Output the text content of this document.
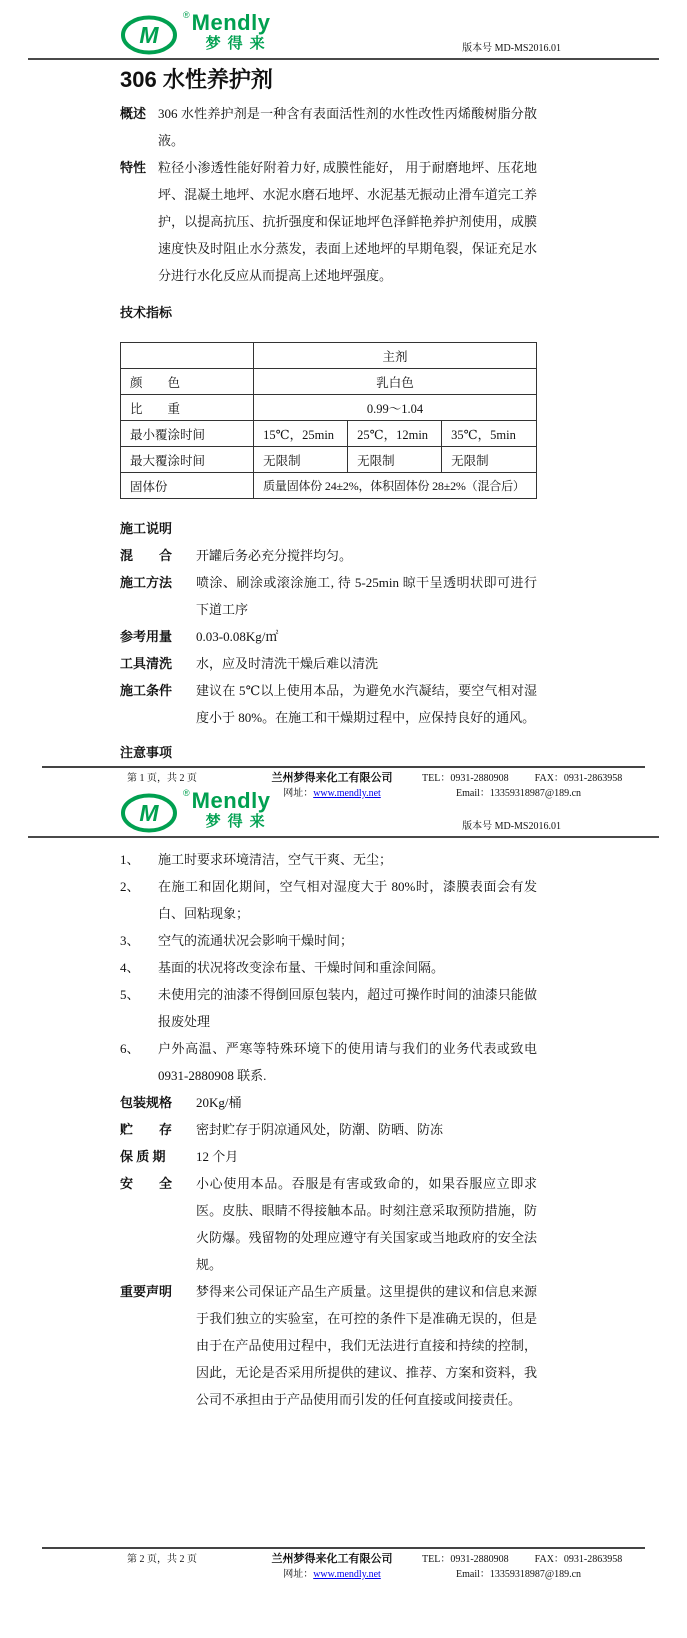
M
® Mendly
梦得来	版本号 MD-MS2016.01
306 水性养护剂
概述 306 水性养护剂是一种含有表面活性剂的水性改性丙烯酸树脂分散液。
特性 粒径小渗透性能好附着力好, 成膜性能好， 用于耐磨地坪、压花地坪、混凝土地坪、水泥水磨石地坪、水泥基无振动止滑车道完工养护，以提高抗压、抗折强度和保证地坪色泽鲜艳养护剂使用，成膜速度快及时阻止水分蒸发，表面上述地坪的早期龟裂，保证充足水分进行水化反应从而提高上述地坪强度。
技术指标
	主剂		
颜　　色	乳白色		
比　　重	0.99～1.04		
最小覆涂时间	15℃，25min	25℃，12min	35℃，5min
最大覆涂时间	无限制	无限制	无限制
固体份	质量固体份 24±2%，体积固体份 28±2%（混合后）		
施工说明
混　　合	开罐后务必充分搅拌均匀。
施工方法	喷涂、刷涂或滚涂施工, 待 5-25min 晾干呈透明状即可进行下道工序
参考用量	0.03-0.08Kg/㎡
工具清洗	水，应及时清洗干燥后难以清洗
施工条件	建议在 5℃以上使用本品，为避免水汽凝结，要空气相对湿度小于 80%。在施工和干燥期过程中，应保持良好的通风。
注意事项
第 1 页，共 2 页	兰州梦得来化工有限公司
网址：www.mendly.net
TEL：0931-2880908	FAX：0931-2863958
Email：13359318987@189.cn
M
® Mendly
梦得来	版本号 MD-MS2016.01
1、	施工时要求环境清洁，空气干爽、无尘；
2、	在施工和固化期间，空气相对湿度大于 80%时，漆膜表面会有发白、回粘现象；
3、	空气的流通状况会影响干燥时间；
4、	基面的状况将改变涂布量、干燥时间和重涂间隔。
5、	未使用完的油漆不得倒回原包装内，超过可操作时间的油漆只能做报废处理
6、	户外高温、严寒等特殊环境下的使用请与我们的业务代表或致电 0931-2880908 联系.
包装规格	20Kg/桶
贮　　存	密封贮存于阴凉通风处，防潮、防晒、防冻
保 质 期	12 个月
安　　全	小心使用本品。吞服是有害或致命的，如果吞服应立即求医。皮肤、眼睛不得接触本品。时刻注意采取预防措施，防火防爆。残留物的处理应遵守有关国家或当地政府的安全法规。
重要声明	梦得来公司保证产品生产质量。这里提供的建议和信息来源于我们独立的实验室，在可控的条件下是准确无误的，但是由于在产品使用过程中，我们无法进行直接和持续的控制，因此，无论是否采用所提供的建议、推荐、方案和资料，我公司不承担由于产品使用而引发的任何直接或间接责任。
第 2 页，共 2 页	兰州梦得来化工有限公司
网址：www.mendly.net
TEL：0931-2880908	FAX：0931-2863958
Email：13359318987@189.cn
